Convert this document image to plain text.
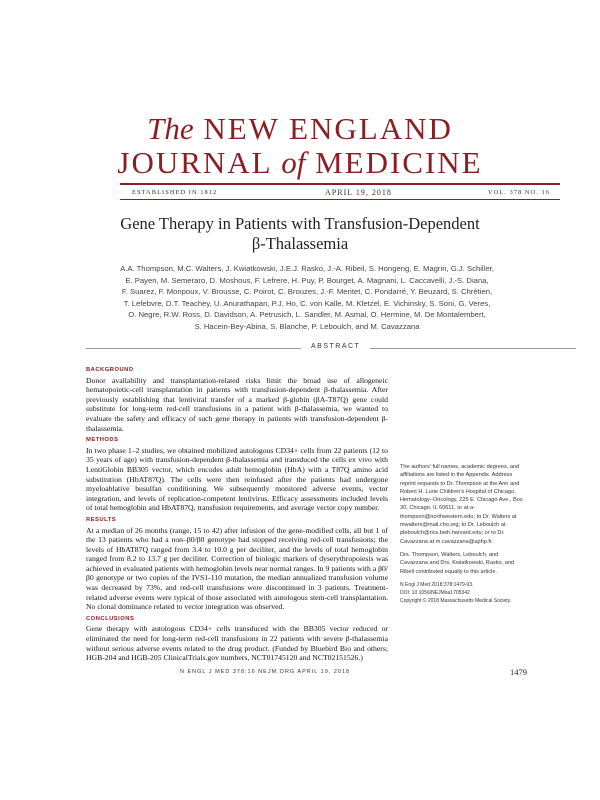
The NEW ENGLAND
JOURNAL of MEDICINE
ESTABLISHED IN 1812	APRIL 19, 2018	VOL. 378 NO. 16
Gene Therapy in Patients with Transfusion-Dependent
β-Thalassemia
A.A. Thompson, M.C. Walters, J. Kwiatkowski, J.E.J. Rasko, J.-A. Ribeil, S. Hongeng, E. Magrin, G.J. Schiller,
E. Payen, M. Semeraro, D. Moshous, F. Lefrere, H. Puy, P. Bourget, A. Magnani, L. Caccavelli, J.-S. Diana,
F. Suarez, F. Monpoux, V. Brousse, C. Poirot, C. Brouzes, J.-F. Meritet, C. Pondarré, Y. Beuzard, S. Chrétien,
T. Lefebvre, D.T. Teachey, U. Anurathapan, P.J. Ho, C. von Kalle, M. Kletzel, E. Vichinsky, S. Soni, G. Veres,
O. Negre, R.W. Ross, D. Davidson, A. Petrusich, L. Sandler, M. Asmal, O. Hermine, M. De Montalembert,
S. Hacein-Bey-Abina, S. Blanche, P. Leboulch, and M. Cavazzana
ABSTRACT
BACKGROUND

Donor availability and transplantation-related risks limit the broad use of allogeneic hematopoietic-cell transplantation in patients with transfusion-dependent β-thalassemia. After previously establishing that lentiviral transfer of a marked β-globin (βA-T87Q) gene could substitute for long-term red-cell transfusions in a patient with β-thalassemia, we wanted to evaluate the safety and efficacy of such gene therapy in patients with transfusion-dependent β-thalassemia.

METHODS

In two phase 1–2 studies, we obtained mobilized autologous CD34+ cells from 22 patients (12 to 35 years of age) with transfusion-dependent β-thalassemia and transduced the cells ex vivo with LentiGlobin BB305 vector, which encodes adult hemoglobin (HbA) with a T87Q amino acid substitution (HbAT87Q). The cells were then reinfused after the patients had undergone myeloablative busulfan conditioning. We subsequently monitored adverse events, vector integration, and levels of replication-competent lentivirus. Efficacy assessments included levels of total hemoglobin and HbAT87Q, transfusion requirements, and average vector copy number.

RESULTS

At a median of 26 months (range, 15 to 42) after infusion of the gene-modified cells, all but 1 of the 13 patients who had a non–β0/β0 genotype had stopped receiving red-cell transfusions; the levels of HbAT87Q ranged from 3.4 to 10.0 g per deciliter, and the levels of total hemoglobin ranged from 8.2 to 13.7 g per deciliter. Correction of biologic markers of dyserythropoiesis was achieved in evaluated patients with hemoglobin levels near normal ranges. In 9 patients with a β0/β0 genotype or two copies of the IVS1-110 mutation, the median annualized transfusion volume was decreased by 73%, and red-cell transfusions were discontinued in 3 patients. Treatment-related adverse events were typical of those associated with autologous stem-cell transplantation. No clonal dominance related to vector integration was observed.

CONCLUSIONS

Gene therapy with autologous CD34+ cells transduced with the BB305 vector reduced or eliminated the need for long-term red-cell transfusions in 22 patients with severe β-thalassemia without serious adverse events related to the drug product. (Funded by Bluebird Bio and others; HGB-204 and HGB-205 ClinicalTrials.gov numbers, NCT01745120 and NCT02151526.)

The authors' full names, academic degrees, and affiliations are listed in the Appendix. Address reprint requests to Dr. Thompson at the Ann and Robert H. Lurie Children's Hospital of Chicago, Hematology–Oncology, 225 E. Chicago Ave., Box 30, Chicago, IL 60611, or at a-thompson@northwestern.edu; to Dr. Walters at mwalters@mail.cho.org; to Dr. Leboulch at pleboulch@rics.bwh.harvard.edu; or to Dr. Cavazzana at m.cavazzana@aphp.fr.

Drs. Thompson, Walters, Leboulch, and Cavazzana and Drs. Kwiatkowski, Rasko, and Ribeil contributed equally to this article.

N Engl J Med 2018;378:1479-93.

DOI: 10.1056/NEJMoa1705342

Copyright © 2018 Massachusetts Medical Society.

N ENGL J MED 378;16 NEJM.ORG APRIL 19, 2018	1479
